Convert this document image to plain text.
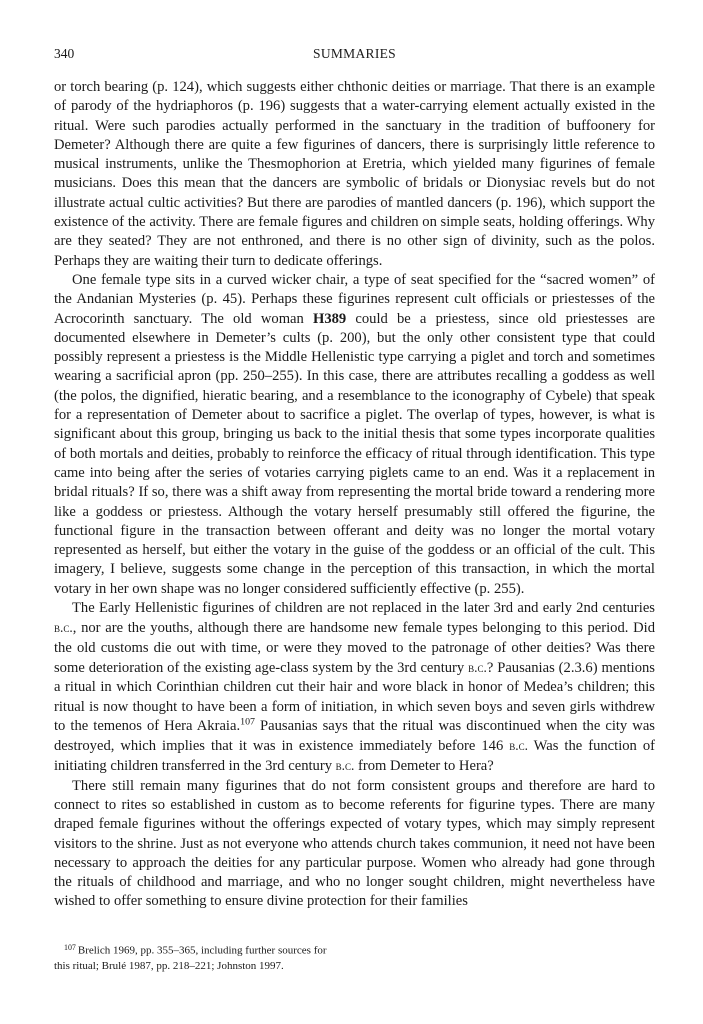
340	SUMMARIES

or torch bearing (p. 124), which suggests either chthonic deities or marriage. That there is an example of parody of the hydriaphoros (p. 196) suggests that a water-carrying element actually existed in the ritual. Were such parodies actually performed in the sanctuary in the tradition of buffoonery for Demeter? Although there are quite a few figurines of dancers, there is surprisingly little reference to musical instruments, unlike the Thesmophorion at Eretria, which yielded many figurines of female musicians. Does this mean that the dancers are symbolic of bridals or Dionysiac revels but do not illustrate actual cultic activities? But there are parodies of mantled dancers (p. 196), which support the existence of the activity. There are female figures and children on simple seats, holding offerings. Why are they seated? They are not enthroned, and there is no other sign of divinity, such as the polos. Perhaps they are waiting their turn to dedicate offerings.

One female type sits in a curved wicker chair, a type of seat specified for the “sacred women” of the Andanian Mysteries (p. 45). Perhaps these figurines represent cult officials or priestesses of the Acrocorinth sanctuary. The old woman H389 could be a priestess, since old priestesses are documented elsewhere in Demeter’s cults (p. 200), but the only other consistent type that could possibly represent a priestess is the Middle Hellenistic type carrying a piglet and torch and sometimes wearing a sacrificial apron (pp. 250–255). In this case, there are attributes recalling a goddess as well (the polos, the dignified, hieratic bearing, and a resemblance to the iconography of Cybele) that speak for a representation of Demeter about to sacrifice a piglet. The overlap of types, however, is what is significant about this group, bringing us back to the initial thesis that some types incorporate qualities of both mortals and deities, probably to reinforce the efficacy of ritual through identification. This type came into being after the series of votaries carrying piglets came to an end. Was it a replacement in bridal rituals? If so, there was a shift away from representing the mortal bride toward a rendering more like a goddess or priestess. Although the votary herself presumably still offered the figurine, the functional figure in the transaction between offerant and deity was no longer the mortal votary represented as herself, but either the votary in the guise of the goddess or an official of the cult. This imagery, I believe, suggests some change in the perception of this transaction, in which the mortal votary in her own shape was no longer considered sufficiently effective (p. 255).

The Early Hellenistic figurines of children are not replaced in the later 3rd and early 2nd centuries b.c., nor are the youths, although there are handsome new female types belonging to this period. Did the old customs die out with time, or were they moved to the patronage of other deities? Was there some deterioration of the existing age-class system by the 3rd century b.c.? Pausanias (2.3.6) mentions a ritual in which Corinthian children cut their hair and wore black in honor of Medea’s children; this ritual is now thought to have been a form of initiation, in which seven boys and seven girls withdrew to the temenos of Hera Akraia.$^{107}$ Pausanias says that the ritual was discontinued when the city was destroyed, which implies that it was in existence immediately before 146 b.c. Was the function of initiating children transferred in the 3rd century b.c. from Demeter to Hera?

There still remain many figurines that do not form consistent groups and therefore are hard to connect to rites so established in custom as to become referents for figurine types. There are many draped female figurines without the offerings expected of votary types, which may simply represent visitors to the shrine. Just as not everyone who attends church takes communion, it need not have been necessary to approach the deities for any particular purpose. Women who already had gone through the rituals of childhood and marriage, and who no longer sought children, might nevertheless have wished to offer something to ensure divine protection for their families

$^{107}$ Brelich 1969, pp. 355–365, including further sources for
this ritual; Brulé 1987, pp. 218–221; Johnston 1997.
